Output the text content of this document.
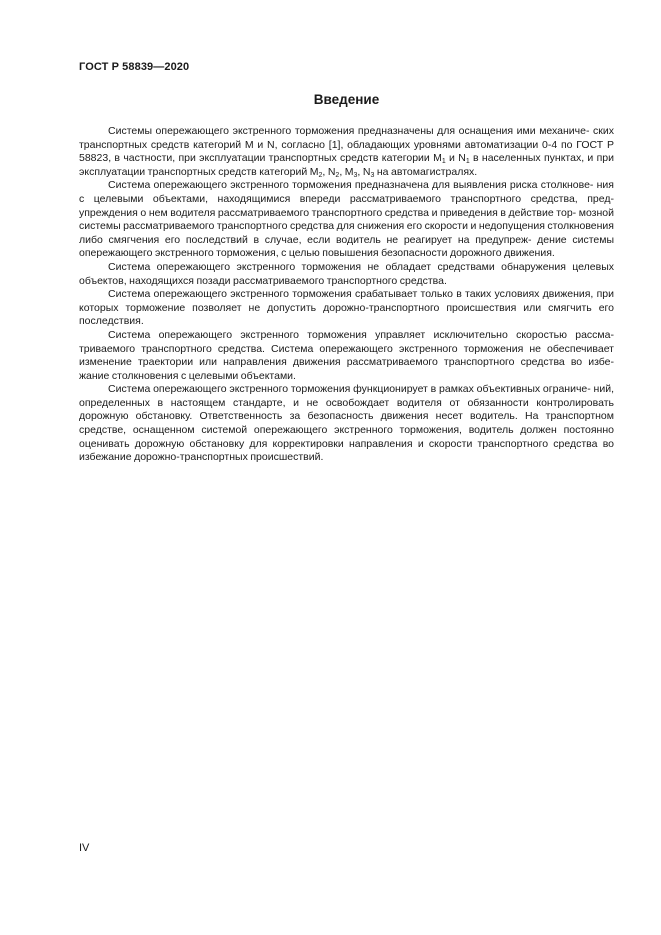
ГОСТ Р 58839—2020
Введение

Системы опережающего экстренного торможения предназначены для оснащения ими механиче- ских транспортных средств категорий M и N, согласно [1], обладающих уровнями автоматизации 0-4 по ГОСТ Р 58823, в частности, при эксплуатации транспортных средств категории $M_1$ и $N_1$ в населенных пунктах, и при эксплуатации транспортных средств категорий $M_2$, $N_2$, $M_3$, $N_3$ на автомагистралях.

Система опережающего экстренного торможения предназначена для выявления риска столкнове- ния с целевыми объектами, находящимися впереди рассматриваемого транспортного средства, пред- упреждения о нем водителя рассматриваемого транспортного средства и приведения в действие тор- мозной системы рассматриваемого транспортного средства для снижения его скорости и недопущения столкновения либо смягчения его последствий в случае, если водитель не реагирует на предупреж- дение системы опережающего экстренного торможения, с целью повышения безопасности дорожного движения.

Система опережающего экстренного торможения не обладает средствами обнаружения целевых объектов, находящихся позади рассматриваемого транспортного средства.

Система опережающего экстренного торможения срабатывает только в таких условиях движения, при которых торможение позволяет не допустить дорожно-транспортного происшествия или смягчить его последствия.

Система опережающего экстренного торможения управляет исключительно скоростью рассма- триваемого транспортного средства. Система опережающего экстренного торможения не обеспечивает изменение траектории или направления движения рассматриваемого транспортного средства во избе- жание столкновения с целевыми объектами.

Система опережающего экстренного торможения функционирует в рамках объективных ограниче- ний, определенных в настоящем стандарте, и не освобождает водителя от обязанности контролировать дорожную обстановку. Ответственность за безопасность движения несет водитель. На транспортном средстве, оснащенном системой опережающего экстренного торможения, водитель должен постоянно оценивать дорожную обстановку для корректировки направления и скорости транспортного средства во избежание дорожно-транспортных происшествий.

IV
